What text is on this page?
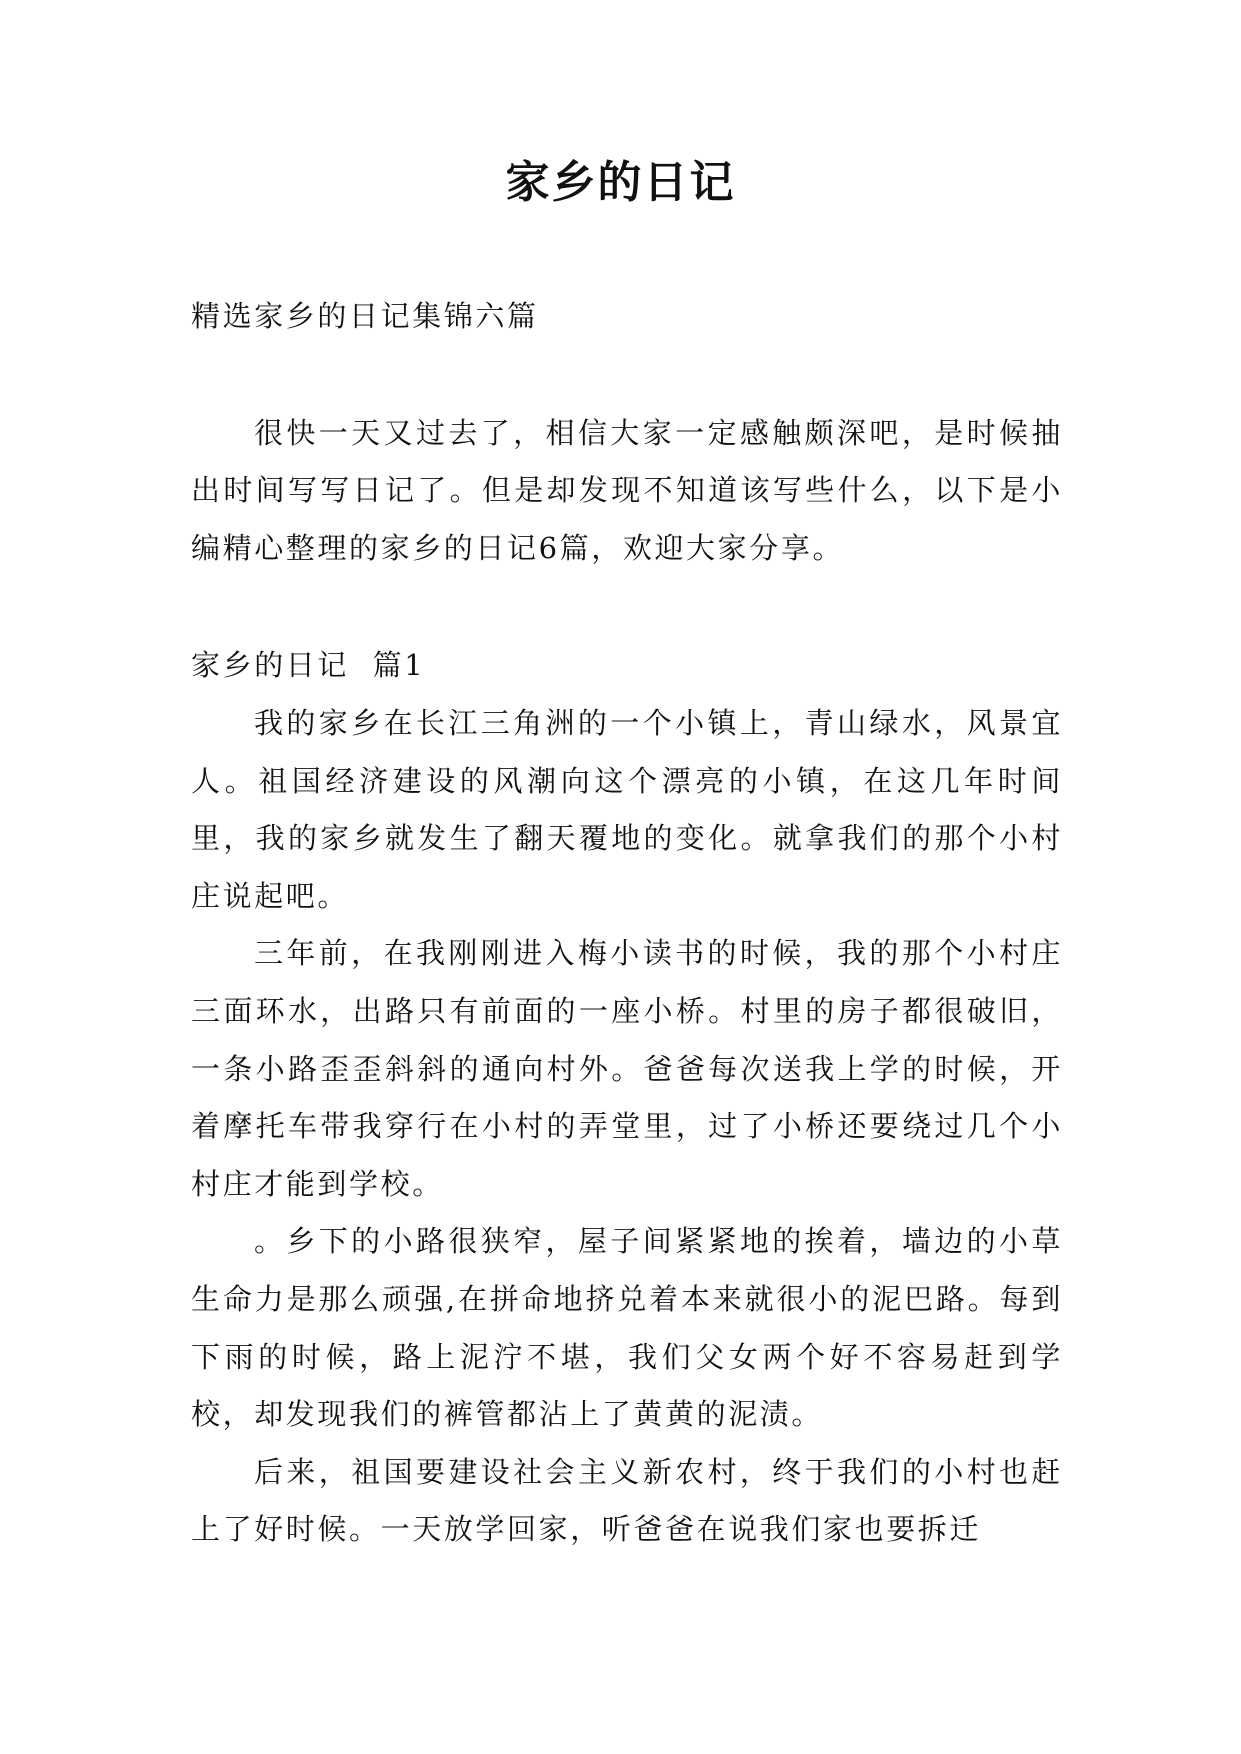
家乡的日记

精选家乡的日记集锦六篇

很快一天又过去了，相信大家一定感触颇深吧，是时候抽出时间写写日记了。但是却发现不知道该写些什么，以下是小编精心整理的家乡的日记6篇，欢迎大家分享。

家乡的日记  篇1

我的家乡在长江三角洲的一个小镇上，青山绿水，风景宜人。祖国经济建设的风潮向这个漂亮的小镇，在这几年时间里，我的家乡就发生了翻天覆地的变化。就拿我们的那个小村庄说起吧。

三年前，在我刚刚进入梅小读书的时候，我的那个小村庄三面环水，出路只有前面的一座小桥。村里的房子都很破旧，一条小路歪歪斜斜的通向村外。爸爸每次送我上学的时候，开着摩托车带我穿行在小村的弄堂里，过了小桥还要绕过几个小村庄才能到学校。

。乡下的小路很狭窄，屋子间紧紧地的挨着，墙边的小草生命力是那么顽强,在拼命地挤兑着本来就很小的泥巴路。每到下雨的时候，路上泥泞不堪，我们父女两个好不容易赶到学校，却发现我们的裤管都沾上了黄黄的泥渍。

后来，祖国要建设社会主义新农村，终于我们的小村也赶上了好时候。一天放学回家，听爸爸在说我们家也要拆迁
